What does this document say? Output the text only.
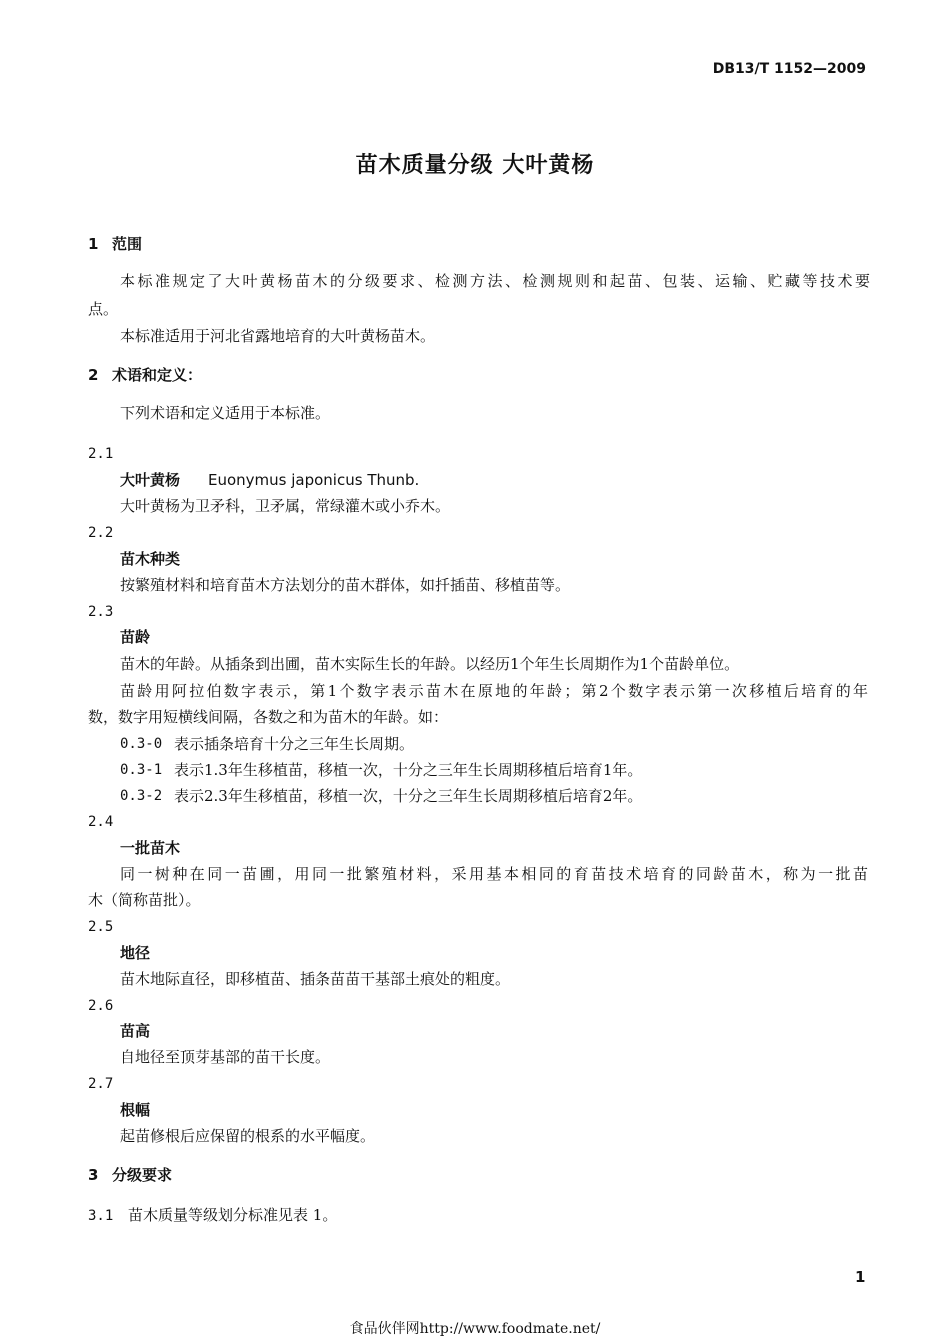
DB13/T 1152—2009
苗木质量分级 大叶黄杨
1 范围
本标准规定了大叶黄杨苗木的分级要求、检测方法、检测规则和起苗、包装、运输、贮藏等技术要
点。
本标准适用于河北省露地培育的大叶黄杨苗木。
2 术语和定义：
下列术语和定义适用于本标准。
2.1
大叶黄杨 Euonymus japonicus Thunb.
大叶黄杨为卫矛科，卫矛属，常绿灌木或小乔木。
2.2
苗木种类
按繁殖材料和培育苗木方法划分的苗木群体，如扦插苗、移植苗等。
2.3
苗龄
苗木的年龄。从插条到出圃，苗木实际生长的年龄。以经历1个年生长周期作为1个苗龄单位。
苗龄用阿拉伯数字表示，第1个数字表示苗木在原地的年龄；第2个数字表示第一次移植后培育的年
数，数字用短横线间隔，各数之和为苗木的年龄。如：
0.3-0 表示插条培育十分之三年生长周期。
0.3-1 表示1.3年生移植苗，移植一次，十分之三年生长周期移植后培育1年。
0.3-2 表示2.3年生移植苗，移植一次，十分之三年生长周期移植后培育2年。
2.4
一批苗木
同一树种在同一苗圃，用同一批繁殖材料，采用基本相同的育苗技术培育的同龄苗木，称为一批苗
木（简称苗批）。
2.5
地径
苗木地际直径，即移植苗、插条苗苗干基部土痕处的粗度。
2.6
苗高
自地径至顶芽基部的苗干长度。
2.7
根幅
起苗修根后应保留的根系的水平幅度。
3 分级要求
3.1 苗木质量等级划分标准见表 1。
1
食品伙伴网http://www.foodmate.net/
